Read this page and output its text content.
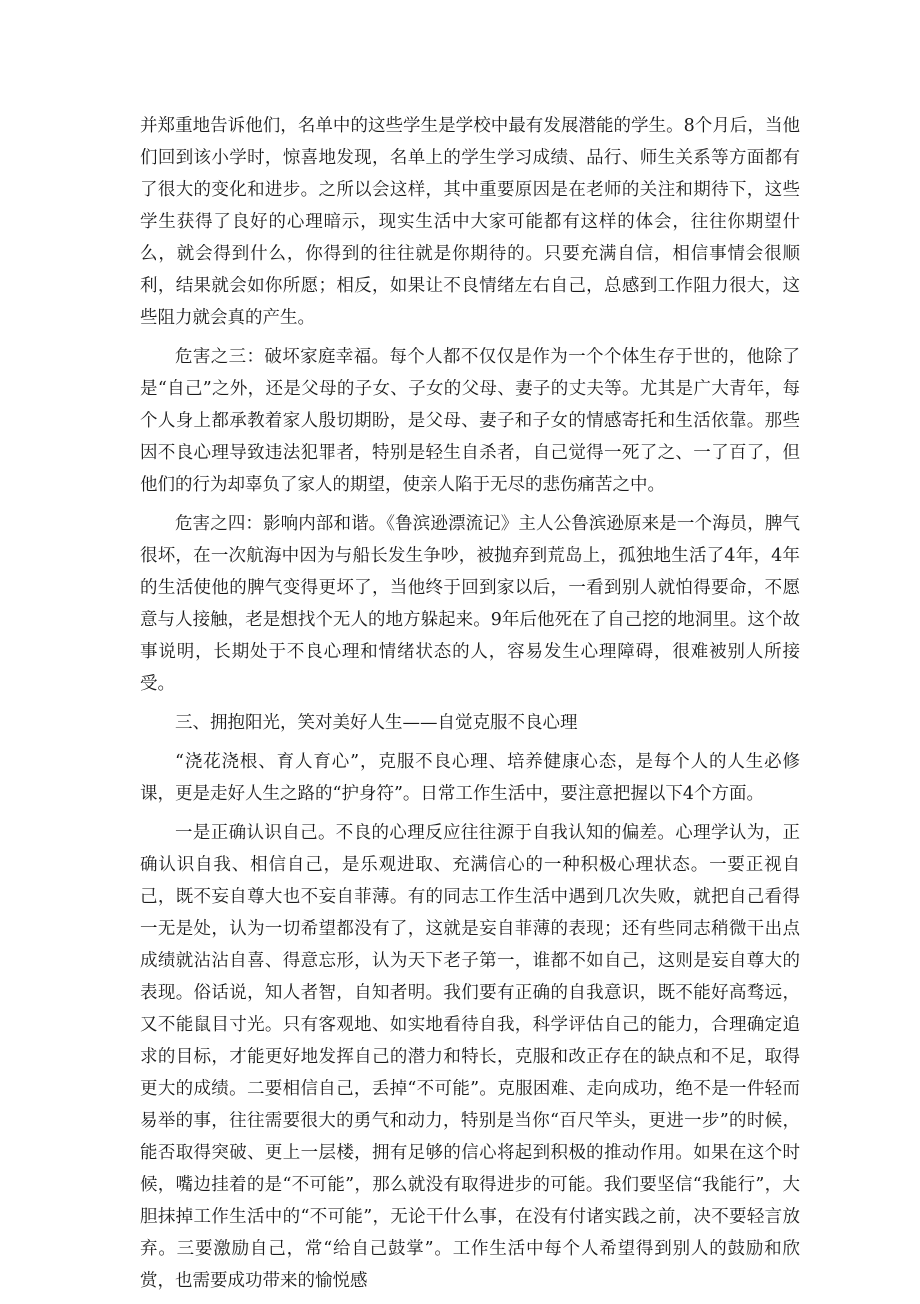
并郑重地告诉他们，名单中的这些学生是学校中最有发展潜能的学生。8个月后，当他们回到该小学时，惊喜地发现，名单上的学生学习成绩、品行、师生关系等方面都有了很大的变化和进步。之所以会这样，其中重要原因是在老师的关注和期待下，这些学生获得了良好的心理暗示，现实生活中大家可能都有这样的体会，往往你期望什么，就会得到什么，你得到的往往就是你期待的。只要充满自信，相信事情会很顺利，结果就会如你所愿；相反，如果让不良情绪左右自己，总感到工作阻力很大，这些阻力就会真的产生。

危害之三：破坏家庭幸福。每个人都不仅仅是作为一个个体生存于世的，他除了是“自己”之外，还是父母的子女、子女的父母、妻子的丈夫等。尤其是广大青年，每个人身上都承教着家人殷切期盼，是父母、妻子和子女的情感寄托和生活依靠。那些因不良心理导致违法犯罪者，特别是轻生自杀者，自己觉得一死了之、一了百了，但他们的行为却辜负了家人的期望，使亲人陷于无尽的悲伤痛苦之中。

危害之四：影响内部和谐。《鲁滨逊漂流记》主人公鲁滨逊原来是一个海员，脾气很坏，在一次航海中因为与船长发生争吵，被抛弃到荒岛上，孤独地生活了4年，4年的生活使他的脾气变得更坏了，当他终于回到家以后，一看到别人就怕得要命，不愿意与人接触，老是想找个无人的地方躲起来。9年后他死在了自己挖的地洞里。这个故事说明，长期处于不良心理和情绪状态的人，容易发生心理障碍，很难被别人所接受。

三、拥抱阳光，笑对美好人生——自觉克服不良心理

“浇花浇根、育人育心”，克服不良心理、培养健康心态，是每个人的人生必修课，更是走好人生之路的“护身符”。日常工作生活中，要注意把握以下4个方面。

一是正确认识自己。不良的心理反应往往源于自我认知的偏差。心理学认为，正确认识自我、相信自己，是乐观进取、充满信心的一种积极心理状态。一要正视自己，既不妄自尊大也不妄自菲薄。有的同志工作生活中遇到几次失败，就把自己看得一无是处，认为一切希望都没有了，这就是妄自菲薄的表现；还有些同志稍微干出点成绩就沾沾自喜、得意忘形，认为天下老子第一，谁都不如自己，这则是妄自尊大的表现。俗话说，知人者智，自知者明。我们要有正确的自我意识，既不能好高骛远，又不能鼠目寸光。只有客观地、如实地看待自我，科学评估自己的能力，合理确定追求的目标，才能更好地发挥自己的潜力和特长，克服和改正存在的缺点和不足，取得更大的成绩。二要相信自己，丢掉“不可能”。克服困难、走向成功，绝不是一件轻而易举的事，往往需要很大的勇气和动力，特别是当你“百尺竿头，更进一步”的时候，能否取得突破、更上一层楼，拥有足够的信心将起到积极的推动作用。如果在这个时候，嘴边挂着的是“不可能”，那么就没有取得进步的可能。我们要坚信“我能行”，大胆抹掉工作生活中的“不可能”，无论干什么事，在没有付诸实践之前，决不要轻言放弃。三要激励自己，常“给自己鼓掌”。工作生活中每个人希望得到别人的鼓励和欣赏，也需要成功带来的愉悦感
